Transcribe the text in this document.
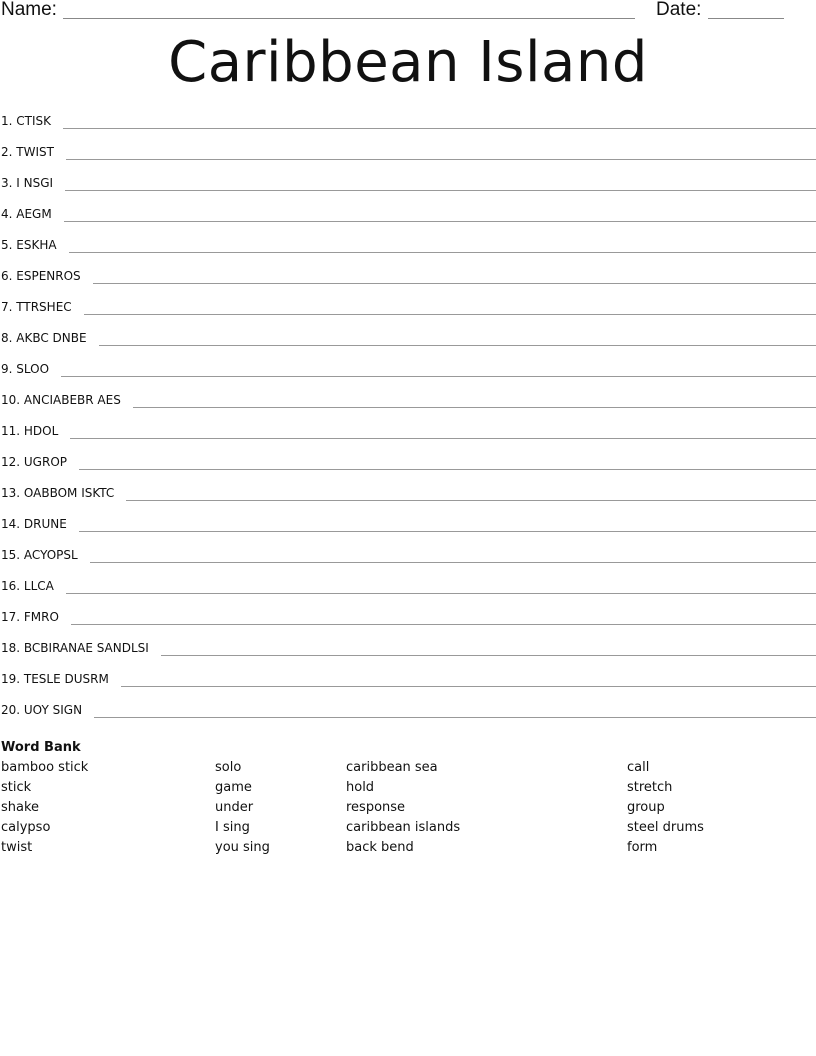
Name:	Date:
Caribbean Island
1. CTISK
2. TWIST
3. I NSGI
4. AEGM
5. ESKHA
6. ESPENROS
7. TTRSHEC
8. AKBC DNBE
9. SLOO
10. ANCIABEBR AES
11. HDOL
12. UGROP
13. OABBOM ISKTC
14. DRUNE
15. ACYOPSL
16. LLCA
17. FMRO
18. BCBIRANAE SANDLSI
19. TESLE DUSRM
20. UOY SIGN
Word Bank
bamboo stick
stick
shake
calypso
twist
solo
game
under
I sing
you sing
caribbean sea
hold
response
caribbean islands
back bend
call
stretch
group
steel drums
form
